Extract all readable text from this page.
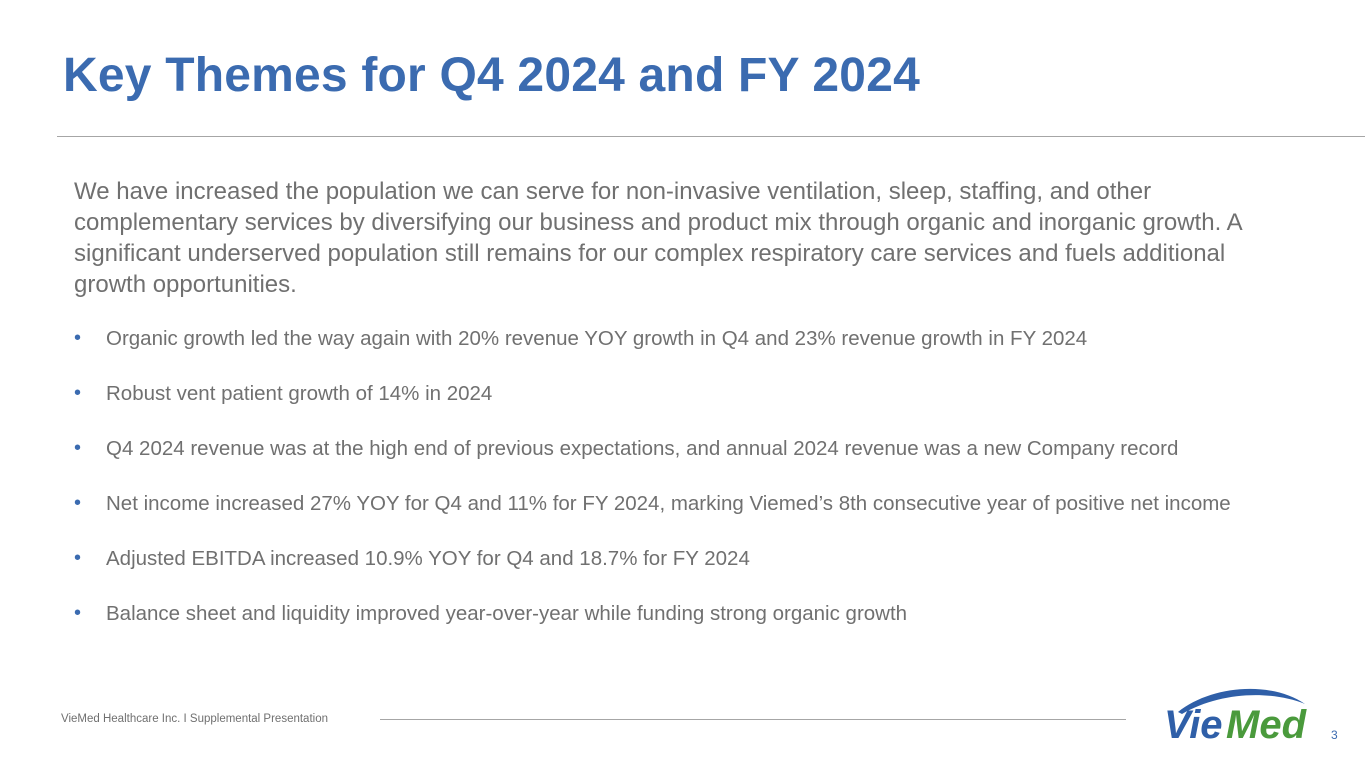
Key Themes for Q4 2024 and FY 2024

We have increased the population we can serve for non-invasive ventilation, sleep, staffing, and other complementary services by diversifying our business and product mix through organic and inorganic growth. A significant underserved population still remains for our complex respiratory care services and fuels additional growth opportunities.

• Organic growth led the way again with 20% revenue YOY growth in Q4 and 23% revenue growth in FY 2024
• Robust vent patient growth of 14% in 2024
• Q4 2024 revenue was at the high end of previous expectations, and annual 2024 revenue was a new Company record
• Net income increased 27% YOY for Q4 and 11% for FY 2024, marking Viemed’s 8th consecutive year of positive net income
• Adjusted EBITDA increased 10.9% YOY for Q4 and 18.7% for FY 2024
• Balance sheet and liquidity improved year-over-year while funding strong organic growth
VieMed Healthcare Inc. I Supplemental Presentation	Vie Med 3
